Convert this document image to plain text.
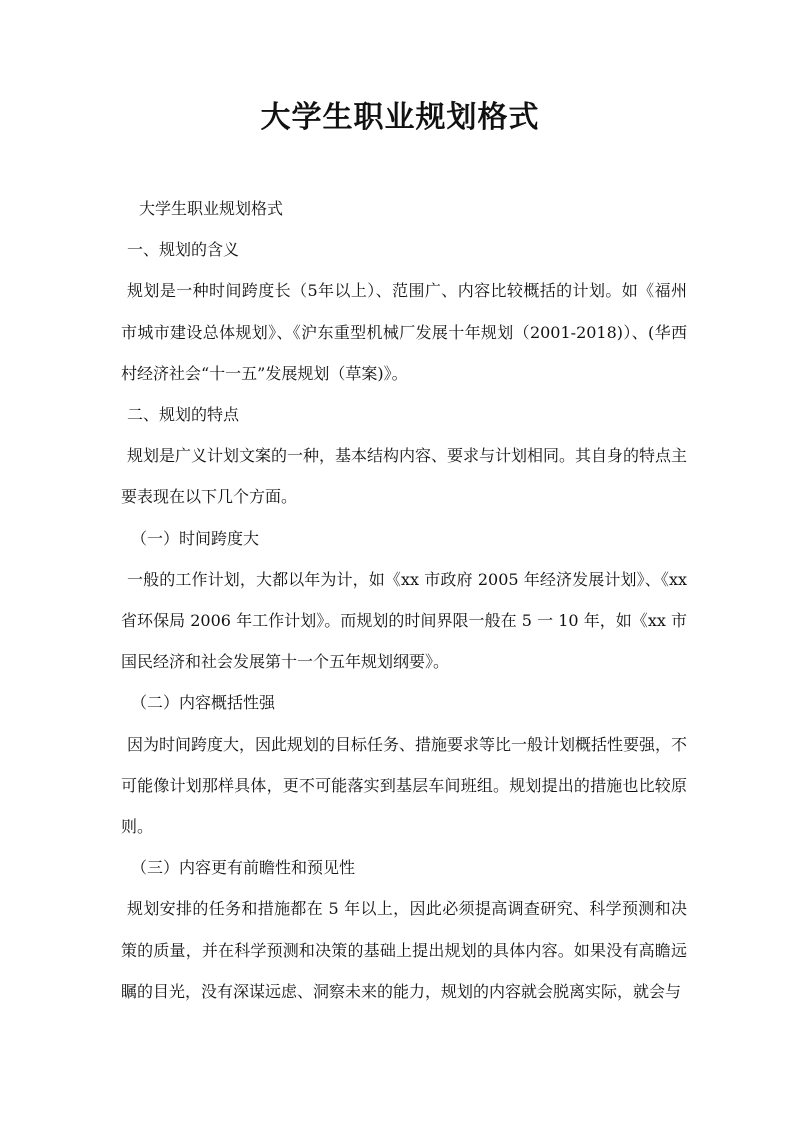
大学生职业规划格式

大学生职业规划格式

一、规划的含义

规划是一种时间跨度长（5年以上）、范围广、内容比较概括的计划。如《福州市城市建设总体规划》、《沪东重型机械厂发展十年规划（2001-2018)）、(华西村经济社会“十一五”发展规划（草案)》。

二、规划的特点

规划是广义计划文案的一种，基本结构内容、要求与计划相同。其自身的特点主要表现在以下几个方面。

（一）时间跨度大

一般的工作计划，大都以年为计，如《xx 市政府 2005 年经济发展计划》、《xx 省环保局 2006 年工作计划》。而规划的时间界限一般在 5 一 10 年，如《xx 市国民经济和社会发展第十一个五年规划纲要》。

（二）内容概括性强

因为时间跨度大，因此规划的目标任务、措施要求等比一般计划概括性要强，不可能像计划那样具体，更不可能落实到基层车间班组。规划提出的措施也比较原则。

（三）内容更有前瞻性和预见性

规划安排的任务和措施都在 5 年以上，因此必须提高调查研究、科学预测和决策的质量，并在科学预测和决策的基础上提出规划的具体内容。如果没有高瞻远瞩的目光，没有深谋远虑、洞察未来的能力，规划的内容就会脱离实际，就会与
